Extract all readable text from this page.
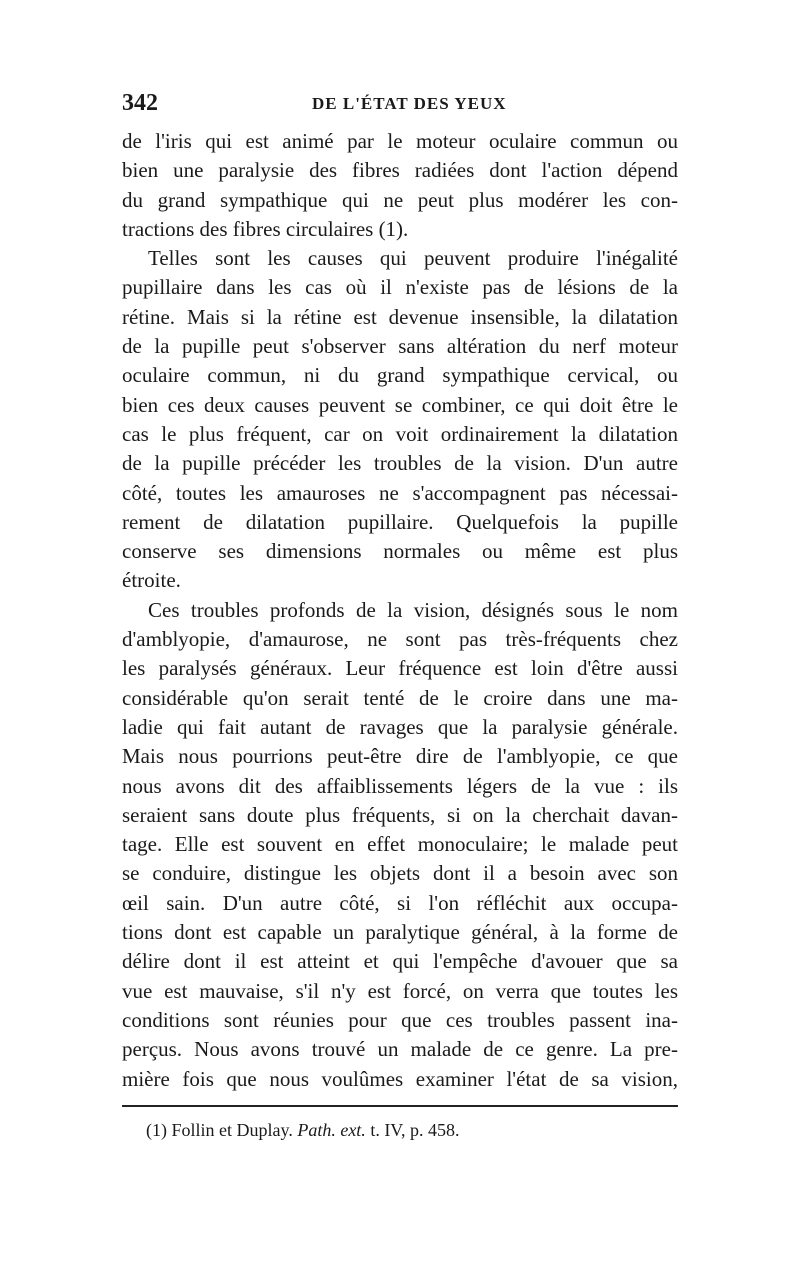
342	DE L'ÉTAT DES YEUX
de l'iris qui est animé par le moteur oculaire commun ou
bien une paralysie des fibres radiées dont l'action dépend
du grand sympathique qui ne peut plus modérer les con-
tractions des fibres circulaires (1).
Telles sont les causes qui peuvent produire l'inégalité
pupillaire dans les cas où il n'existe pas de lésions de la
rétine. Mais si la rétine est devenue insensible, la dilatation
de la pupille peut s'observer sans altération du nerf moteur
oculaire commun, ni du grand sympathique cervical, ou
bien ces deux causes peuvent se combiner, ce qui doit être le
cas le plus fréquent, car on voit ordinairement la dilatation
de la pupille précéder les troubles de la vision. D'un autre
côté, toutes les amauroses ne s'accompagnent pas nécessai-
rement de dilatation pupillaire. Quelquefois la pupille
conserve ses dimensions normales ou même est plus
étroite.
Ces troubles profonds de la vision, désignés sous le nom
d'amblyopie, d'amaurose, ne sont pas très-fréquents chez
les paralysés généraux. Leur fréquence est loin d'être aussi
considérable qu'on serait tenté de le croire dans une ma-
ladie qui fait autant de ravages que la paralysie générale.
Mais nous pourrions peut-être dire de l'amblyopie, ce que
nous avons dit des affaiblissements légers de la vue : ils
seraient sans doute plus fréquents, si on la cherchait davan-
tage. Elle est souvent en effet monoculaire; le malade peut
se conduire, distingue les objets dont il a besoin avec son
œil sain. D'un autre côté, si l'on réfléchit aux occupa-
tions dont est capable un paralytique général, à la forme de
délire dont il est atteint et qui l'empêche d'avouer que sa
vue est mauvaise, s'il n'y est forcé, on verra que toutes les
conditions sont réunies pour que ces troubles passent ina-
perçus. Nous avons trouvé un malade de ce genre. La pre-
mière fois que nous voulûmes examiner l'état de sa vision,
(1) Follin et Duplay. Path. ext. t. IV, p. 458.
